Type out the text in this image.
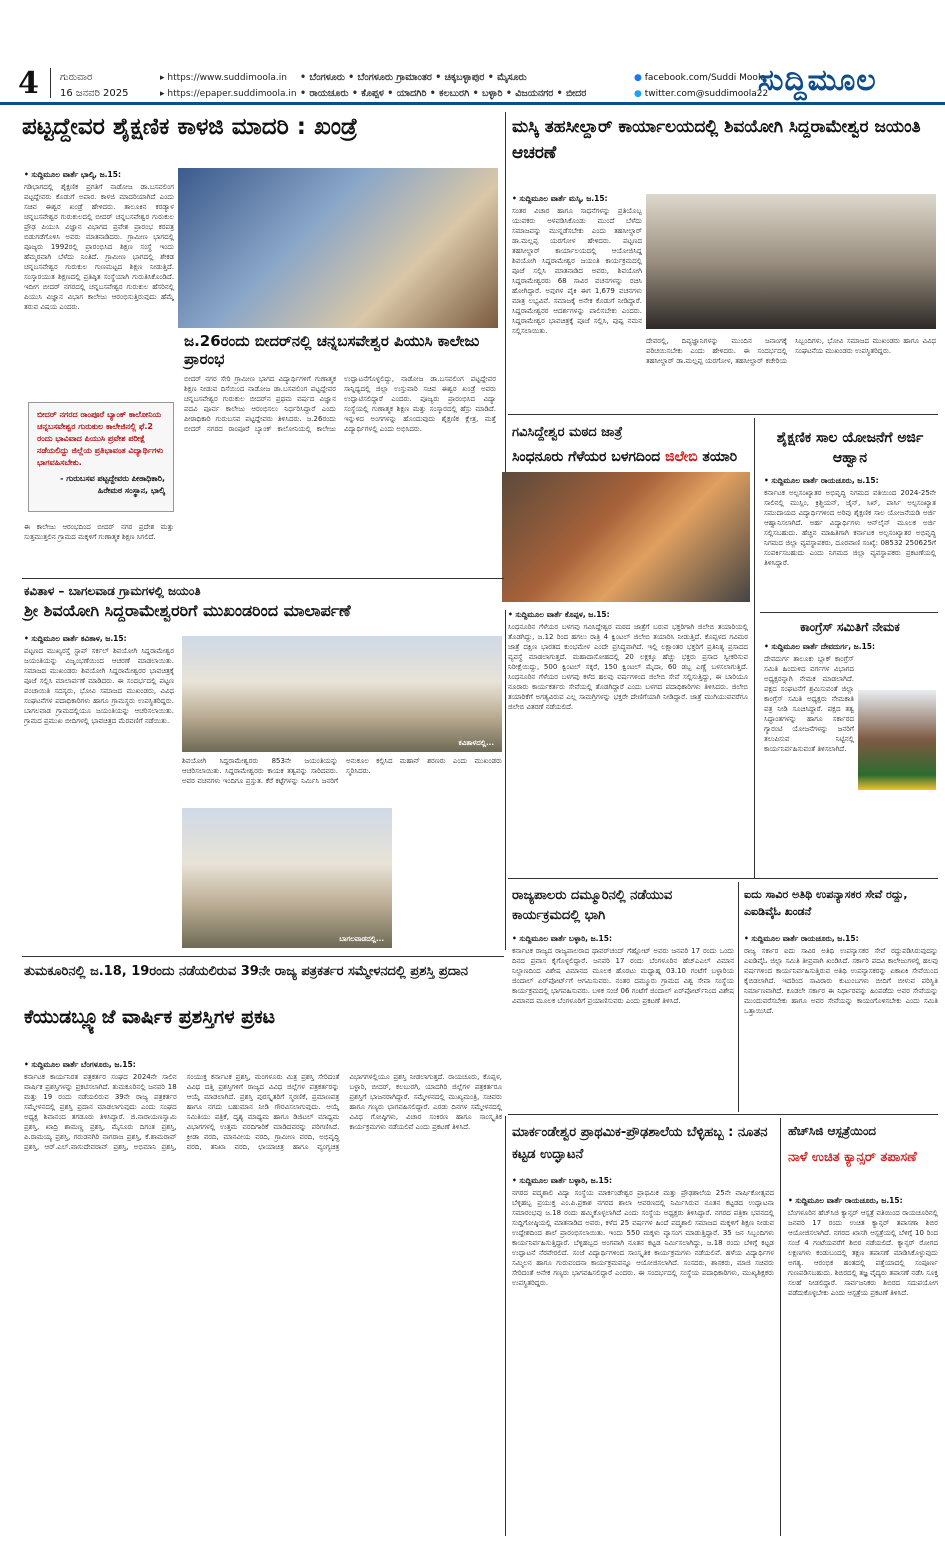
4 ಗುರುವಾರ
16 ಜನವರಿ 2025
▸ https://www.suddimoola.in
▸ https://epaper.suddimoola.in
• ಬೆಂಗಳೂರು • ಬೆಂಗಳೂರು ಗ್ರಾಮಾಂತರ • ಚಿಕ್ಕಬಳ್ಳಾಪುರ • ಮೈಸೂರು
• ರಾಯಚೂರು • ಕೊಪ್ಪಳ • ಯಾದಗಿರಿ • ಕಲಬುರಗಿ • ಬಳ್ಳಾರಿ • ವಿಜಯನಗರ • ಬೀದರ
● facebook.com/Suddi Moola
● twitter.com@suddimoola22
ಸುದ್ದಿಮೂಲ
ಪಟ್ಟದ್ದೇವರ ಶೈಕ್ಷಣಿಕ ಕಾಳಜಿ ಮಾದರಿ : ಖಂಡ್ರೆ
• ಸುದ್ದಿಮೂಲ ವಾರ್ತೆ ಭಾಲ್ಕಿ, ಜ.15:
ಗಡಿಭಾಗದಲ್ಲಿ ಶೈಕ್ಷಣಿಕ ಪ್ರಗತಿಗೆ ನಾಡೋಜ ಡಾ.ಬಸವಲಿಂಗ ಪಟ್ಟದ್ದೇವರು ಕೊಡುಗೆ ಅಪಾರ. ಕಾಳಜಿ ಮಾದರಿಯಾಗಿದೆ ಎಂದು ಸಚಿವ ಈಶ್ವರ ಖಂಡ್ರೆ ಹೇಳಿದರು. ತಾಲೂಕಿನ ಕರಡ್ಯಾಳ ಚನ್ನಬಸವೇಶ್ವರ ಗುರುಕುಲದಲ್ಲಿ ಬೀದರ್ ಚನ್ನಬಸವೇಶ್ವರ ಗುರುಕುಲ ಪ್ರೌಢ ಪಿಯುಸಿ ವಿಜ್ಞಾನ ವಿಭಾಗದ ಪ್ರವೇಶ ಪ್ರಾರಂಭ ಕರಪತ್ರ ಬಿಡುಗಡೆಗೊಳಿಸಿ ಅವರು ಮಾತನಾಡಿದರು. ಗ್ರಾಮೀಣ ಭಾಗದಲ್ಲಿ ಪೂಜ್ಯರು 1992ರಲ್ಲಿ ಪ್ರಾರಂಭಿಸಿದ ಶಿಕ್ಷಣ ಸಂಸ್ಥೆ ಇಂದು ಹೆಮ್ಮರವಾಗಿ ಬೆಳೆದು ನಿಂತಿದೆ. ಗ್ರಾಮೀಣ ಭಾಗದಲ್ಲಿ ಶೇಕಡ ಚನ್ನಬಸವೇಶ್ವರ ಗುರುಕುಲ ಗುಣಮಟ್ಟದ ಶಿಕ್ಷಣ ನೀಡುತ್ತಿದೆ. ಸಂಸ್ಕಾರಯುತ ಶಿಕ್ಷಣದಲ್ಲಿ ಪ್ರತಿಷ್ಠಿತ ಸಂಸ್ಥೆಯಾಗಿ ಗುರುತಿಸಿಕೊಂಡಿದೆ. ಇದೀಗ ಬೀದರ್ ನಗರದಲ್ಲಿ ಚನ್ನಬಸವೇಶ್ವರ ಗುರುಕುಲ ಹೆಸರಿನಲ್ಲಿ ಪಿಯುಸಿ ವಿಜ್ಞಾನ ವಿಭಾಗ ಕಾಲೇಜು ಆರಂಭಿಸುತ್ತಿರುವುದು ಹೆಮ್ಮೆ ತರುವ ವಿಷಯ ಎಂದರು.
ಬೀದರ್ ನಗರದ ರಾಂಪೂರೆ ಬ್ಯಾಂಕ್ ಕಾಲೋನಿಯ ಚನ್ನಬಸವೇಶ್ವರ ಗುರುಕುಲ ಕಾಲೇಜಿನಲ್ಲಿ ಫೆ.2 ರಂದು ಭಾವಿವಾದ ಪಿಯುಸಿ ಪ್ರವೇಶ ಪರೀಕ್ಷೆ ನಡೆಯಲಿದ್ದು ಜಿಲ್ಲೆಯ ಪ್ರತಿಭಾವಂತ ವಿದ್ಯಾರ್ಥಿಗಳು ಭಾಗವಹಿಸಬೇಕು.
- ಗುರುಬಸವ ಪಟ್ಟದ್ದೇವರು ಪೀಠಾಧಿಕಾರಿ, ಹಿರೇಮಠ ಸಂಸ್ಥಾನ, ಭಾಲ್ಕಿ
ಈ ಕಾಲೇಜು ಆರಂಭದಿಂದ ಬೀದರ್ ನಗರ ಪ್ರದೇಶ ಮತ್ತು ಸುತ್ತಮುತ್ತಲಿನ ಗ್ರಾಮದ ಮಕ್ಕಳಿಗೆ ಗುಣಾತ್ಮಕ ಶಿಕ್ಷಣ ಸಿಗಲಿದೆ.
ಜ.26ರಂದು ಬೀದರ್‌ನಲ್ಲಿ ಚನ್ನಬಸವೇಶ್ವರ ಪಿಯುಸಿ ಕಾಲೇಜು ಪ್ರಾರಂಭ
ಬೀದರ್ ನಗರ ಸೇರಿ ಗ್ರಾಮೀಣ ಭಾಗದ ವಿದ್ಯಾರ್ಥಿಗಳಿಗೆ ಗುಣಾತ್ಮಕ ಶಿಕ್ಷಣ ನೀಡುವ ದಿಸೆಯಿಂದ ನಾಡೋಜ ಡಾ.ಬಸವಲಿಂಗ ಪಟ್ಟದ್ದೇವರ ಚನ್ನಬಸವೇಶ್ವರ ಗುರುಕುಲ ಬೀದರ್‌ನ ಪ್ರಥಮ ವರ್ಷದ ವಿಜ್ಞಾನ ಪದವಿ ಪೂರ್ವ ಕಾಲೇಜು ಆರಂಭಿಸಲು ನಿರ್ಧರಿಸಿದ್ದಾರೆ ಎಂದು ಪೀಠಾಧಿಕಾರಿ ಗುರುಬಸವ ಪಟ್ಟದ್ದೇವರು ತಿಳಿಸಿದರು. ಜ.26ರಂದು ಬೀದರ್ ನಗರದ ರಾಂಪೂರೆ ಬ್ಯಾಂಕ್ ಕಾಲೋನಿಯಲ್ಲಿ ಕಾಲೇಜು ಉದ್ಘಾಟನೆಗೊಳ್ಳಲಿದ್ದು, ನಾಡೋಜ ಡಾ.ಬಸವಲಿಂಗ ಪಟ್ಟದ್ದೇವರ ಸಾನ್ನಿಧ್ಯದಲ್ಲಿ ಜಿಲ್ಲಾ ಉಸ್ತುವಾರಿ ಸಚಿವ ಈಶ್ವರ ಖಂಡ್ರೆ ಅವರು ಉದ್ಘಾಟಿಸಲಿದ್ದಾರೆ ಎಂದರು. ಪೂಜ್ಯರು ಪ್ರಾರಂಭಿಸಿದ ವಿದ್ಯಾ ಸಂಸ್ಥೆಯಲ್ಲಿ ಗುಣಾತ್ಮಕ ಶಿಕ್ಷಣ ಮತ್ತು ಸಂಸ್ಕಾರದಲ್ಲಿ ಹೆಸ್ರು ಮಾಡಿದೆ. ಇನ್ನುಳಿದ ಅಂಗಗಳನ್ನು ಹೊಂದುವುದು ಶೈಕ್ಷಣಿಕ ಕ್ಷೇತ್ರ, ಮತ್ತೆ ವಿದ್ಯಾರ್ಥಿಗಳಲ್ಲಿ ಎಂದು ಅಭಿಸಿದರು.
ಮಸ್ಕಿ ತಹಸೀಲ್ದಾರ್ ಕಾರ್ಯಾಲಯದಲ್ಲಿ ಶಿವಯೋಗಿ ಸಿದ್ದರಾಮೇಶ್ವರ ಜಯಂತಿ ಆಚರಣೆ
• ಸುದ್ದಿಮೂಲ ವಾರ್ತೆ ಮಸ್ಕಿ, ಜ.15:
ಸಂತರ ವಿಚಾರ ಹಾಗೂ ಸಾಧನೆಗಳನ್ನು ಪ್ರತಿಯೊಬ್ಬ ಯುವಕರು ಅಳವಡಿಸಿಕೊಂಡು ಮುಂದೆ ಬೆಳೆದು ಸಮಾಜವನ್ನು ಮುನ್ನಡೆಸಬೇಕು ಎಂದು ತಹಸೀಲ್ದಾರ್ ಡಾ.ಮಲ್ಲಪ್ಪ ಯರಗೋಳ ಹೇಳಿದರು. ಪಟ್ಟಣದ ತಹಸೀಲ್ದಾರ್ ಕಾರ್ಯಾಲಯದಲ್ಲಿ ಆಯೋಜಿಸಿದ್ದ ಶಿವಯೋಗಿ ಸಿದ್ದರಾಮೇಶ್ವರ ಜಯಂತಿ ಕಾರ್ಯಕ್ರಮದಲ್ಲಿ ಪೂಜೆ ಸಲ್ಲಿಸಿ ಮಾತನಾಡಿದ ಅವರು, ಶಿವಯೋಗಿ ಸಿದ್ದರಾಮೇಶ್ವರರು 68 ಸಾವಿರ ವಚನಗಳನ್ನು ರಚಿಸಿ ಹೋಗಿದ್ದಾರೆ. ಅವುಗಳ ಪೈಕಿ ಈಗ 1,679 ವಚನಗಳು ಮಾತ್ರ ಲಭ್ಯವಿವೆ. ಸಮಾಜಕ್ಕೆ ಅನೇಕ ಕೊಡುಗೆ ನೀಡಿದ್ದಾರೆ. ಸಿದ್ದರಾಮೇಶ್ವರರ ಆದರ್ಶಗಳನ್ನು ಪಾಲಿಸಬೇಕು ಎಂದರು. ಸಿದ್ದರಾಮೇಶ್ವರ ಭಾವಚಿತ್ರಕ್ಕೆ ಪೂಜೆ ಸಲ್ಲಿಸಿ, ಪುಷ್ಪ ನಮನ ಸಲ್ಲಿಸಲಾಯಿತು.
ದೇವರಲ್ಲಿ, ದಿವ್ಯಜ್ಞಾನಿಗಳನ್ನು ಮುಂದಿನ ಜನಾಂಗಕ್ಕೆ ಪರಿಚಯಿಸಬೇಕು ಎಂದು ಹೇಳಿದರು. ಈ ಸಂದರ್ಭದಲ್ಲಿ ತಹಸೀಲ್ದಾರ್ ಡಾ.ಮಲ್ಲಪ್ಪ ಯರಗೋಳ, ತಹಸೀಲ್ದಾರ್ ಕಚೇರಿಯ ಸಿಬ್ಬಂದಿಗಳು, ಭೋವಿ ಸಮಾಜದ ಮುಖಂಡರು ಹಾಗೂ ವಿವಿಧ ಸಂಘಟನೆಯ ಮುಖಂಡರು ಉಪಸ್ಥಿತರಿದ್ದರು.
ಗವಿಸಿದ್ದೇಶ್ವರ ಮಠದ ಜಾತ್ರೆ
ಸಿಂಧನೂರು ಗೆಳೆಯರ ಬಳಗದಿಂದ ಜಿಲೇಬಿ ತಯಾರಿ
• ಸುದ್ದಿಮೂಲ ವಾರ್ತೆ ಕೊಪ್ಪಳ, ಜ.15:
ಸಿಂಧನೂರಿನ ಗೆಳೆಯರ ಬಳಗವು ಗವಿಸಿದ್ದೇಶ್ವರ ಮಠದ ಜಾತ್ರೆಗೆ ಬರುವ ಭಕ್ತರಿಗಾಗಿ ಜಿಲೇಬಿ ತಯಾರಿಯಲ್ಲಿ ತೊಡಗಿದ್ದು, ಜ.12 ರಿಂದ ಹಗಲು ರಾತ್ರಿ 4 ಕ್ವಿಂಟಲ್ ಜಿಲೇಬಿ ತಯಾರಿಸಿ ನೀಡುತ್ತಿದೆ. ಕೊಪ್ಪಳದ ಗವಿಮಠ ಜಾತ್ರೆ ದಕ್ಷಿಣ ಭಾರತದ ಕುಂಭಮೇಳ ಎಂದೇ ಪ್ರಸಿದ್ಧವಾಗಿದೆ. ಇಲ್ಲಿ ಲಕ್ಷಾಂತರ ಭಕ್ತರಿಗೆ ಪ್ರತಿನಿತ್ಯ ಪ್ರಸಾದದ ವ್ಯವಸ್ಥೆ ಮಾಡಲಾಗುತ್ತದೆ. ಮಹಾದಾಸೋಹದಲ್ಲಿ 20 ಲಕ್ಷಕ್ಕೂ ಹೆಚ್ಚು ಭಕ್ತರು ಪ್ರಸಾದ ಸ್ವೀಕರಿಸುವ ನಿರೀಕ್ಷೆಯಿದ್ದು, 500 ಕ್ವಿಂಟಲ್ ಸಕ್ಕರೆ, 150 ಕ್ವಿಂಟಲ್ ಮೈದಾ, 60 ಡಬ್ಬ ಎಣ್ಣೆ ಬಳಸಲಾಗುತ್ತಿದೆ. ಸಿಂಧನೂರಿನ ಗೆಳೆಯರ ಬಳಗವು ಕಳೆದ ಹಲವು ವರ್ಷಗಳಿಂದ ಜಿಲೇಬಿ ಸೇವೆ ಸಲ್ಲಿಸುತ್ತಿದ್ದು, ಈ ಬಾರಿಯೂ ನೂರಾರು ಕಾರ್ಯಕರ್ತರು ಸೇವೆಯಲ್ಲಿ ತೊಡಗಿದ್ದಾರೆ ಎಂದು ಬಳಗದ ಪದಾಧಿಕಾರಿಗಳು ತಿಳಿಸಿದರು. ಜಿಲೇಬಿ ತಯಾರಿಕೆಗೆ ಅಗತ್ಯವಿರುವ ಎಲ್ಲ ಸಾಮಗ್ರಿಗಳನ್ನು ಭಕ್ತರೇ ದೇಣಿಗೆಯಾಗಿ ನೀಡಿದ್ದಾರೆ. ಜಾತ್ರೆ ಮುಗಿಯುವವರೆಗೂ ಜಿಲೇಬಿ ವಿತರಣೆ ನಡೆಯಲಿದೆ.
ಶೈಕ್ಷಣಿಕ ಸಾಲ ಯೋಜನೆಗೆ ಅರ್ಜಿ ಆಹ್ವಾನ
• ಸುದ್ದಿಮೂಲ ವಾರ್ತೆ ರಾಯಚೂರು, ಜ.15:
ಕರ್ನಾಟಕ ಅಲ್ಪಸಂಖ್ಯಾತರ ಅಭಿವೃದ್ಧಿ ನಿಗಮದ ವತಿಯಿಂದ 2024-25ನೇ ಸಾಲಿನಲ್ಲಿ ಮುಸ್ಲಿಂ, ಕ್ರಿಶ್ಚಿಯನ್, ಜೈನ್, ಸಿಖ್, ಪಾರ್ಸಿ ಅಲ್ಪಸಂಖ್ಯಾತ ಸಮುದಾಯದ ವಿದ್ಯಾರ್ಥಿಗಳಿಂದ ಅರಿವು ಶೈಕ್ಷಣಿಕ ಸಾಲ ಯೋಜನೆಯಡಿ ಅರ್ಜಿ ಆಹ್ವಾನಿಸಲಾಗಿದೆ. ಅರ್ಹ ವಿದ್ಯಾರ್ಥಿಗಳು ಆನ್‌ಲೈನ್ ಮೂಲಕ ಅರ್ಜಿ ಸಲ್ಲಿಸಬಹುದು. ಹೆಚ್ಚಿನ ಮಾಹಿತಿಗಾಗಿ ಕರ್ನಾಟಕ ಅಲ್ಪಸಂಖ್ಯಾತರ ಅಭಿವೃದ್ಧಿ ನಿಗಮದ ಜಿಲ್ಲಾ ವ್ಯವಸ್ಥಾಪಕರು, ದೂರವಾಣಿ ಸಂಖ್ಯೆ: 08532 250625ಗೆ ಸಂಪರ್ಕಿಸಬಹುದು ಎಂದು ನಿಗಮದ ಜಿಲ್ಲಾ ವ್ಯವಸ್ಥಾಪಕರು ಪ್ರಕಟಣೆಯಲ್ಲಿ ತಿಳಿಸಿದ್ದಾರೆ.
ಕಾಂಗ್ರೆಸ್ ಸಮಿತಿಗೆ ನೇಮಕ
• ಸುದ್ದಿಮೂಲ ವಾರ್ತೆ ದೇವದುರ್ಗ, ಜ.15:
ದೇವದುರ್ಗ ತಾಲೂಕು ಬ್ಲಾಕ್ ಕಾಂಗ್ರೆಸ್ ಸಮಿತಿ ಹಿಂದುಳಿದ ವರ್ಗಗಳ ವಿಭಾಗದ ಅಧ್ಯಕ್ಷರನ್ನಾಗಿ ನೇಮಕ ಮಾಡಲಾಗಿದೆ. ಪಕ್ಷದ ಸಂಘಟನೆಗೆ ಶ್ರಮಿಸುವಂತೆ ಜಿಲ್ಲಾ ಕಾಂಗ್ರೆಸ್ ಸಮಿತಿ ಅಧ್ಯಕ್ಷರು ನೇಮಕಾತಿ ಪತ್ರ ನೀಡಿ ಸೂಚಿಸಿದ್ದಾರೆ. ಪಕ್ಷದ ತತ್ವ ಸಿದ್ಧಾಂತಗಳನ್ನು ಹಾಗೂ ಸರ್ಕಾರದ ಗ್ಯಾರಂಟಿ ಯೋಜನೆಗಳನ್ನು ಜನರಿಗೆ ತಲುಪಿಸುವ ನಿಟ್ಟಿನಲ್ಲಿ ಕಾರ್ಯನಿರ್ವಹಿಸುವಂತೆ ತಿಳಿಸಲಾಗಿದೆ.
ಕವಿತಾಳ – ಬಾಗಲವಾಡ ಗ್ರಾಮಗಳಲ್ಲಿ ಜಯಂತಿ
ಶ್ರೀ ಶಿವಯೋಗಿ ಸಿದ್ದರಾಮೇಶ್ವರರಿಗೆ ಮುಖಂಡರಿಂದ ಮಾಲಾರ್ಪಣೆ
• ಸುದ್ದಿಮೂಲ ವಾರ್ತೆ ಕವಿತಾಳ, ಜ.15:
ಪಟ್ಟಣದ ಮುಖ್ಯರಸ್ತೆ ಸ್ಟಾಪ್ ಸರ್ಕಲ್ ಶಿವಯೋಗಿ ಸಿದ್ದರಾಮೇಶ್ವರ ಜಯಂತಿಯನ್ನು ವಿಜೃಂಭಣೆಯಿಂದ ಆಚರಣೆ ಮಾಡಲಾಯಿತು. ಸಮಾಜದ ಮುಖಂಡರು ಶಿವಯೋಗಿ ಸಿದ್ದರಾಮೇಶ್ವರರ ಭಾವಚಿತ್ರಕ್ಕೆ ಪೂಜೆ ಸಲ್ಲಿಸಿ ಮಾಲಾರ್ಪಣೆ ಮಾಡಿದರು. ಈ ಸಂದರ್ಭದಲ್ಲಿ ಪಟ್ಟಣ ಪಂಚಾಯಿತಿ ಸದಸ್ಯರು, ಭೋವಿ ಸಮಾಜದ ಮುಖಂಡರು, ವಿವಿಧ ಸಂಘಟನೆಗಳ ಪದಾಧಿಕಾರಿಗಳು ಹಾಗೂ ಗ್ರಾಮಸ್ಥರು ಉಪಸ್ಥಿತರಿದ್ದರು. ಬಾಗಲವಾಡ ಗ್ರಾಮದಲ್ಲಿಯೂ ಜಯಂತಿಯನ್ನು ಆಚರಿಸಲಾಯಿತು. ಗ್ರಾಮದ ಪ್ರಮುಖ ಬೀದಿಗಳಲ್ಲಿ ಭಾವಚಿತ್ರದ ಮೆರವಣಿಗೆ ನಡೆಯಿತು.
ಕವಿತಾಳದಲ್ಲಿ...
ಶಿವಯೋಗಿ ಸಿದ್ದರಾಮೇಶ್ವರರು 853ನೇ ಜಯಂತಿಯನ್ನು ಆಚರಿಸಲಾಯಿತು. ಸಿದ್ದರಾಮೇಶ್ವರರು ಕಾಯಕ ತತ್ವವನ್ನು ಸಾರಿದವರು. ಅವರ ವಚನಗಳು ಇಂದಿಗೂ ಪ್ರಸ್ತುತ. ಕೆರೆ ಕಟ್ಟೆಗಳನ್ನು ನಿರ್ಮಿಸಿ ಜನರಿಗೆ ಅನುಕೂಲ ಕಲ್ಪಿಸಿದ ಮಹಾನ್ ಶರಣರು ಎಂದು ಮುಖಂಡರು ಸ್ಮರಿಸಿದರು.
ಬಾಗಲವಾಡದಲ್ಲಿ...
ರಾಜ್ಯಪಾಲರು ದಮ್ಮೂರಿನಲ್ಲಿ ನಡೆಯುವ ಕಾರ್ಯಕ್ರಮದಲ್ಲಿ ಭಾಗಿ
• ಸುದ್ದಿಮೂಲ ವಾರ್ತೆ ಬಳ್ಳಾರಿ, ಜ.15:
ಕರ್ನಾಟಕ ರಾಜ್ಯದ ರಾಜ್ಯಪಾಲರಾದ ಥಾವರ್‌ಚಂದ್ ಗೆಹ್ಲೋಟ್ ಅವರು ಜನವರಿ 17 ರಂದು ಒಂದು ದಿನದ ಪ್ರವಾಸ ಕೈಗೊಳ್ಳಲಿದ್ದಾರೆ. ಜನವರಿ 17 ರಂದು ಬೆಂಗಳೂರಿನ ಹೆಚ್‌ಎಎಲ್ ವಿಮಾನ ನಿಲ್ದಾಣದಿಂದ ವಿಶೇಷ ವಿಮಾನದ ಮೂಲಕ ಹೊರಟು ಮಧ್ಯಾಹ್ನ 03.10 ಗಂಟೆಗೆ ಬಳ್ಳಾರಿಯ ಜಿಂದಾಲ್ ಏರ್‌ಪೋರ್ಟ್‌ಗೆ ಆಗಮಿಸುವರು. ನಂತರ ದಮ್ಮೂರು ಗ್ರಾಮದ ವಿಶ್ವ ಸೇವಾ ಸಂಸ್ಥೆಯ ಕಾರ್ಯಕ್ರಮದಲ್ಲಿ ಭಾಗವಹಿಸುವರು. ಬಳಿಕ ಸಂಜೆ 06 ಗಂಟೆಗೆ ಜಿಂದಾಲ್ ಏರ್‌ಪೋರ್ಟ್‌ನಿಂದ ವಿಶೇಷ ವಿಮಾನದ ಮೂಲಕ ಬೆಂಗಳೂರಿಗೆ ಪ್ರಯಾಣಿಸುವರು ಎಂದು ಪ್ರಕಟಣೆ ತಿಳಿಸಿದೆ.
ಐದು ಸಾವಿರ ಅತಿಥಿ ಉಪನ್ಯಾಸಕರ ಸೇವೆ ರದ್ದು, ಎಐಡಿವೈಓ ಖಂಡನೆ
• ಸುದ್ದಿಮೂಲ ವಾರ್ತೆ ರಾಯಚೂರು, ಜ.15:
ರಾಜ್ಯ ಸರ್ಕಾರ ಐದು ಸಾವಿರ ಅತಿಥಿ ಉಪನ್ಯಾಸಕರ ಸೇವೆ ರದ್ದುಪಡಿಸಿರುವುದನ್ನು ಎಐಡಿವೈಓ ಜಿಲ್ಲಾ ಸಮಿತಿ ತೀವ್ರವಾಗಿ ಖಂಡಿಸಿದೆ. ಸರ್ಕಾರಿ ಪದವಿ ಕಾಲೇಜುಗಳಲ್ಲಿ ಹಲವು ವರ್ಷಗಳಿಂದ ಕಾರ್ಯನಿರ್ವಹಿಸುತ್ತಿರುವ ಅತಿಥಿ ಉಪನ್ಯಾಸಕರನ್ನು ಏಕಾಏಕಿ ಸೇವೆಯಿಂದ ಕೈಬಿಡಲಾಗಿದೆ. ಇದರಿಂದ ಸಾವಿರಾರು ಕುಟುಂಬಗಳು ಬೀದಿಗೆ ಬೀಳುವ ಪರಿಸ್ಥಿತಿ ನಿರ್ಮಾಣವಾಗಿದೆ. ಕೂಡಲೇ ಸರ್ಕಾರ ಈ ನಿರ್ಧಾರವನ್ನು ಹಿಂಪಡೆದು ಅವರ ಸೇವೆಯನ್ನು ಮುಂದುವರೆಸಬೇಕು ಹಾಗೂ ಅವರ ಸೇವೆಯನ್ನು ಕಾಯಂಗೊಳಿಸಬೇಕು ಎಂದು ಸಮಿತಿ ಒತ್ತಾಯಿಸಿದೆ.
ತುಮಕೂರಿನಲ್ಲಿ ಜ.18, 19ರಂದು ನಡೆಯಲಿರುವ 39ನೇ ರಾಜ್ಯ ಪತ್ರಕರ್ತರ ಸಮ್ಮೇಳನದಲ್ಲಿ ಪ್ರಶಸ್ತಿ ಪ್ರದಾನ
ಕೆಯುಡಬ್ಲ್ಯೂಜೆ ವಾರ್ಷಿಕ ಪ್ರಶಸ್ತಿಗಳ ಪ್ರಕಟ
• ಸುದ್ದಿಮೂಲ ವಾರ್ತೆ ಬೆಂಗಳೂರು, ಜ.15:
ಕರ್ನಾಟಕ ಕಾರ್ಯನಿರತ ಪತ್ರಕರ್ತರ ಸಂಘದ 2024ನೇ ಸಾಲಿನ ವಾರ್ಷಿಕ ಪ್ರಶಸ್ತಿಗಳನ್ನು ಪ್ರಕಟಿಸಲಾಗಿದೆ. ತುಮಕೂರಿನಲ್ಲಿ ಜನವರಿ 18 ಮತ್ತು 19 ರಂದು ನಡೆಯಲಿರುವ 39ನೇ ರಾಜ್ಯ ಪತ್ರಕರ್ತರ ಸಮ್ಮೇಳನದಲ್ಲಿ ಪ್ರಶಸ್ತಿ ಪ್ರದಾನ ಮಾಡಲಾಗುವುದು ಎಂದು ಸಂಘದ ಅಧ್ಯಕ್ಷ ಶಿವಾನಂದ ತಗಡೂರು ತಿಳಿಸಿದ್ದಾರೆ. ಜಿ.ನಾರಾಯಣಸ್ವಾಮಿ ಪ್ರಶಸ್ತಿ, ಖಾದ್ರಿ ಶಾಮಣ್ಣ ಪ್ರಶಸ್ತಿ, ಮೈಸೂರು ದಿಗಂತ ಪ್ರಶಸ್ತಿ, ಪಿ.ರಾಮಯ್ಯ ಪ್ರಶಸ್ತಿ, ಗರುಡನಗಿರಿ ನಾಗರಾಜ ಪ್ರಶಸ್ತಿ, ಕೆ.ಶಾಮರಾವ್ ಪ್ರಶಸ್ತಿ, ಆರ್.ಎಲ್.ವಾಸುದೇವರಾವ್ ಪ್ರಶಸ್ತಿ, ಅಭಿಮಾನಿ ಪ್ರಶಸ್ತಿ, ಸಂಯುಕ್ತ ಕರ್ನಾಟಕ ಪ್ರಶಸ್ತಿ, ಮಂಗಳೂರು ಮಿತ್ರ ಪ್ರಶಸ್ತಿ ಸೇರಿದಂತೆ ವಿವಿಧ ದತ್ತಿ ಪ್ರಶಸ್ತಿಗಳಿಗೆ ರಾಜ್ಯದ ವಿವಿಧ ಜಿಲ್ಲೆಗಳ ಪತ್ರಕರ್ತರನ್ನು ಆಯ್ಕೆ ಮಾಡಲಾಗಿದೆ. ಪ್ರಶಸ್ತಿ ಪುರಸ್ಕೃತರಿಗೆ ಸ್ಮರಣಿಕೆ, ಪ್ರಮಾಣಪತ್ರ ಹಾಗೂ ನಗದು ಬಹುಮಾನ ನೀಡಿ ಗೌರವಿಸಲಾಗುವುದು. ಆಯ್ಕೆ ಸಮಿತಿಯು ಪತ್ರಿಕೆ, ದೃಶ್ಯ ಮಾಧ್ಯಮ ಹಾಗೂ ಡಿಜಿಟಲ್ ಮಾಧ್ಯಮ ವಿಭಾಗಗಳಲ್ಲಿ ಉತ್ತಮ ವರದಿಗಾರಿಕೆ ಮಾಡಿದವರನ್ನು ಪರಿಗಣಿಸಿದೆ. ಕ್ರೀಡಾ ವರದಿ, ಮಾನವೀಯ ವರದಿ, ಗ್ರಾಮೀಣ ವರದಿ, ಅಭಿವೃದ್ಧಿ ವರದಿ, ತನಿಖಾ ವರದಿ, ಛಾಯಾಚಿತ್ರ ಹಾಗೂ ವ್ಯಂಗ್ಯಚಿತ್ರ ವಿಭಾಗಗಳಲ್ಲಿಯೂ ಪ್ರಶಸ್ತಿ ನೀಡಲಾಗುತ್ತದೆ. ರಾಯಚೂರು, ಕೊಪ್ಪಳ, ಬಳ್ಳಾರಿ, ಬೀದರ್, ಕಲಬುರಗಿ, ಯಾದಗಿರಿ ಜಿಲ್ಲೆಗಳ ಪತ್ರಕರ್ತರೂ ಪ್ರಶಸ್ತಿಗೆ ಭಾಜನರಾಗಿದ್ದಾರೆ. ಸಮ್ಮೇಳನದಲ್ಲಿ ಮುಖ್ಯಮಂತ್ರಿ, ಸಚಿವರು ಹಾಗೂ ಗಣ್ಯರು ಭಾಗವಹಿಸಲಿದ್ದಾರೆ. ಎರಡು ದಿನಗಳ ಸಮ್ಮೇಳನದಲ್ಲಿ ವಿವಿಧ ಗೋಷ್ಠಿಗಳು, ವಿಚಾರ ಸಂಕಿರಣ ಹಾಗೂ ಸಾಂಸ್ಕೃತಿಕ ಕಾರ್ಯಕ್ರಮಗಳು ನಡೆಯಲಿವೆ ಎಂದು ಪ್ರಕಟಣೆ ತಿಳಿಸಿದೆ.	ಮಾರ್ಕಂಡೇಶ್ವರ ಪ್ರಾಥಮಿಕ-ಪ್ರೌಢಶಾಲೆಯ ಬೆಳ್ಳಿಹಬ್ಬ : ನೂತನ ಕಟ್ಟಡ ಉದ್ಘಾಟನೆ
• ಸುದ್ದಿಮೂಲ ವಾರ್ತೆ ಬಳ್ಳಾರಿ, ಜ.15:
ನಗರದ ಪದ್ಮಶಾಲಿ ವಿದ್ಯಾ ಸಂಸ್ಥೆಯ ಮಾರ್ಕಂಡೇಶ್ವರ ಪ್ರಾಥಮಿಕ ಮತ್ತು ಪ್ರೌಢಶಾಲೆಯ 25ನೇ ವಾರ್ಷಿಕೋತ್ಸವದ ಬೆಳ್ಳಿಹಬ್ಬ ಪ್ರಯುಕ್ತ ಎಂ.ಪಿ.ಪ್ರಕಾಶ ನಗರದ ಶಾಲಾ ಆವರಣದಲ್ಲಿ ನಿರ್ಮಿಸಿರುವ ನೂತನ ಕಟ್ಟಡದ ಉದ್ಘಾಟನಾ ಸಮಾರಂಭವು ಜ.18 ರಂದು ಹಮ್ಮಿಕೊಳ್ಳಲಾಗಿದೆ ಎಂದು ಸಂಸ್ಥೆಯ ಅಧ್ಯಕ್ಷರು ತಿಳಿಸಿದ್ದಾರೆ. ನಗರದ ಪತ್ರಿಕಾ ಭವನದಲ್ಲಿ ಸುದ್ದಿಗೋಷ್ಠಿಯಲ್ಲಿ ಮಾತನಾಡಿದ ಅವರು, ಕಳೆದ 25 ವರ್ಷಗಳ ಹಿಂದೆ ಪದ್ಮಶಾಲಿ ಸಮಾಜದ ಮಕ್ಕಳಿಗೆ ಶಿಕ್ಷಣ ನೀಡುವ ಉದ್ದೇಶದಿಂದ ಶಾಲೆ ಪ್ರಾರಂಭಿಸಲಾಯಿತು. ಇಂದು 550 ಮಕ್ಕಳು ವ್ಯಾಸಂಗ ಮಾಡುತ್ತಿದ್ದಾರೆ. 35 ಜನ ಸಿಬ್ಬಂದಿಗಳು ಕಾರ್ಯನಿರ್ವಹಿಸುತ್ತಿದ್ದಾರೆ. ಬೆಳ್ಳಿಹಬ್ಬದ ಅಂಗವಾಗಿ ನೂತನ ಕಟ್ಟಡ ನಿರ್ಮಿಸಲಾಗಿದ್ದು, ಜ.18 ರಂದು ಬೆಳಿಗ್ಗೆ ಕಟ್ಟಡ ಉದ್ಘಾಟನೆ ನೆರವೇರಲಿದೆ. ಸಂಜೆ ವಿದ್ಯಾರ್ಥಿಗಳಿಂದ ಸಾಂಸ್ಕೃತಿಕ ಕಾರ್ಯಕ್ರಮಗಳು ನಡೆಯಲಿವೆ. ಹಳೆಯ ವಿದ್ಯಾರ್ಥಿಗಳ ಸಮ್ಮಿಲನ ಹಾಗೂ ಗುರುವಂದನಾ ಕಾರ್ಯಕ್ರಮವನ್ನೂ ಆಯೋಜಿಸಲಾಗಿದೆ. ಸಂಸದರು, ಶಾಸಕರು, ಮಾಜಿ ಸಚಿವರು ಸೇರಿದಂತೆ ಅನೇಕ ಗಣ್ಯರು ಭಾಗವಹಿಸಲಿದ್ದಾರೆ ಎಂದರು. ಈ ಸಂದರ್ಭದಲ್ಲಿ ಸಂಸ್ಥೆಯ ಪದಾಧಿಕಾರಿಗಳು, ಮುಖ್ಯಶಿಕ್ಷಕರು ಉಪಸ್ಥಿತರಿದ್ದರು.
ಹೆಚ್‌ಸಿಜಿ ಆಸ್ಪತ್ರೆಯಿಂದ
ನಾಳೆ ಉಚಿತ ಕ್ಯಾನ್ಸರ್ ತಪಾಸಣೆ
• ಸುದ್ದಿಮೂಲ ವಾರ್ತೆ ರಾಯಚೂರು, ಜ.15:
ಬೆಂಗಳೂರಿನ ಹೆಚ್‌ಸಿಜಿ ಕ್ಯಾನ್ಸರ್ ಆಸ್ಪತ್ರೆ ವತಿಯಿಂದ ರಾಯಚೂರಿನಲ್ಲಿ ಜನವರಿ 17 ರಂದು ಉಚಿತ ಕ್ಯಾನ್ಸರ್ ತಪಾಸಣಾ ಶಿಬಿರ ಆಯೋಜಿಸಲಾಗಿದೆ. ನಗರದ ಖಾಸಗಿ ಆಸ್ಪತ್ರೆಯಲ್ಲಿ ಬೆಳಿಗ್ಗೆ 10 ರಿಂದ ಸಂಜೆ 4 ಗಂಟೆಯವರೆಗೆ ಶಿಬಿರ ನಡೆಯಲಿದೆ. ಕ್ಯಾನ್ಸರ್ ರೋಗದ ಲಕ್ಷಣಗಳು ಕಂಡುಬಂದಲ್ಲಿ ತಕ್ಷಣ ತಪಾಸಣೆ ಮಾಡಿಸಿಕೊಳ್ಳುವುದು ಅಗತ್ಯ. ಆರಂಭಿಕ ಹಂತದಲ್ಲಿ ಪತ್ತೆಯಾದಲ್ಲಿ ಸಂಪೂರ್ಣ ಗುಣಪಡಿಸಬಹುದು. ಶಿಬಿರದಲ್ಲಿ ತಜ್ಞ ವೈದ್ಯರು ತಪಾಸಣೆ ನಡೆಸಿ ಸೂಕ್ತ ಸಲಹೆ ನೀಡಲಿದ್ದಾರೆ. ಸಾರ್ವಜನಿಕರು ಶಿಬಿರದ ಸದುಪಯೋಗ ಪಡೆದುಕೊಳ್ಳಬೇಕು ಎಂದು ಆಸ್ಪತ್ರೆಯ ಪ್ರಕಟಣೆ ತಿಳಿಸಿದೆ.
